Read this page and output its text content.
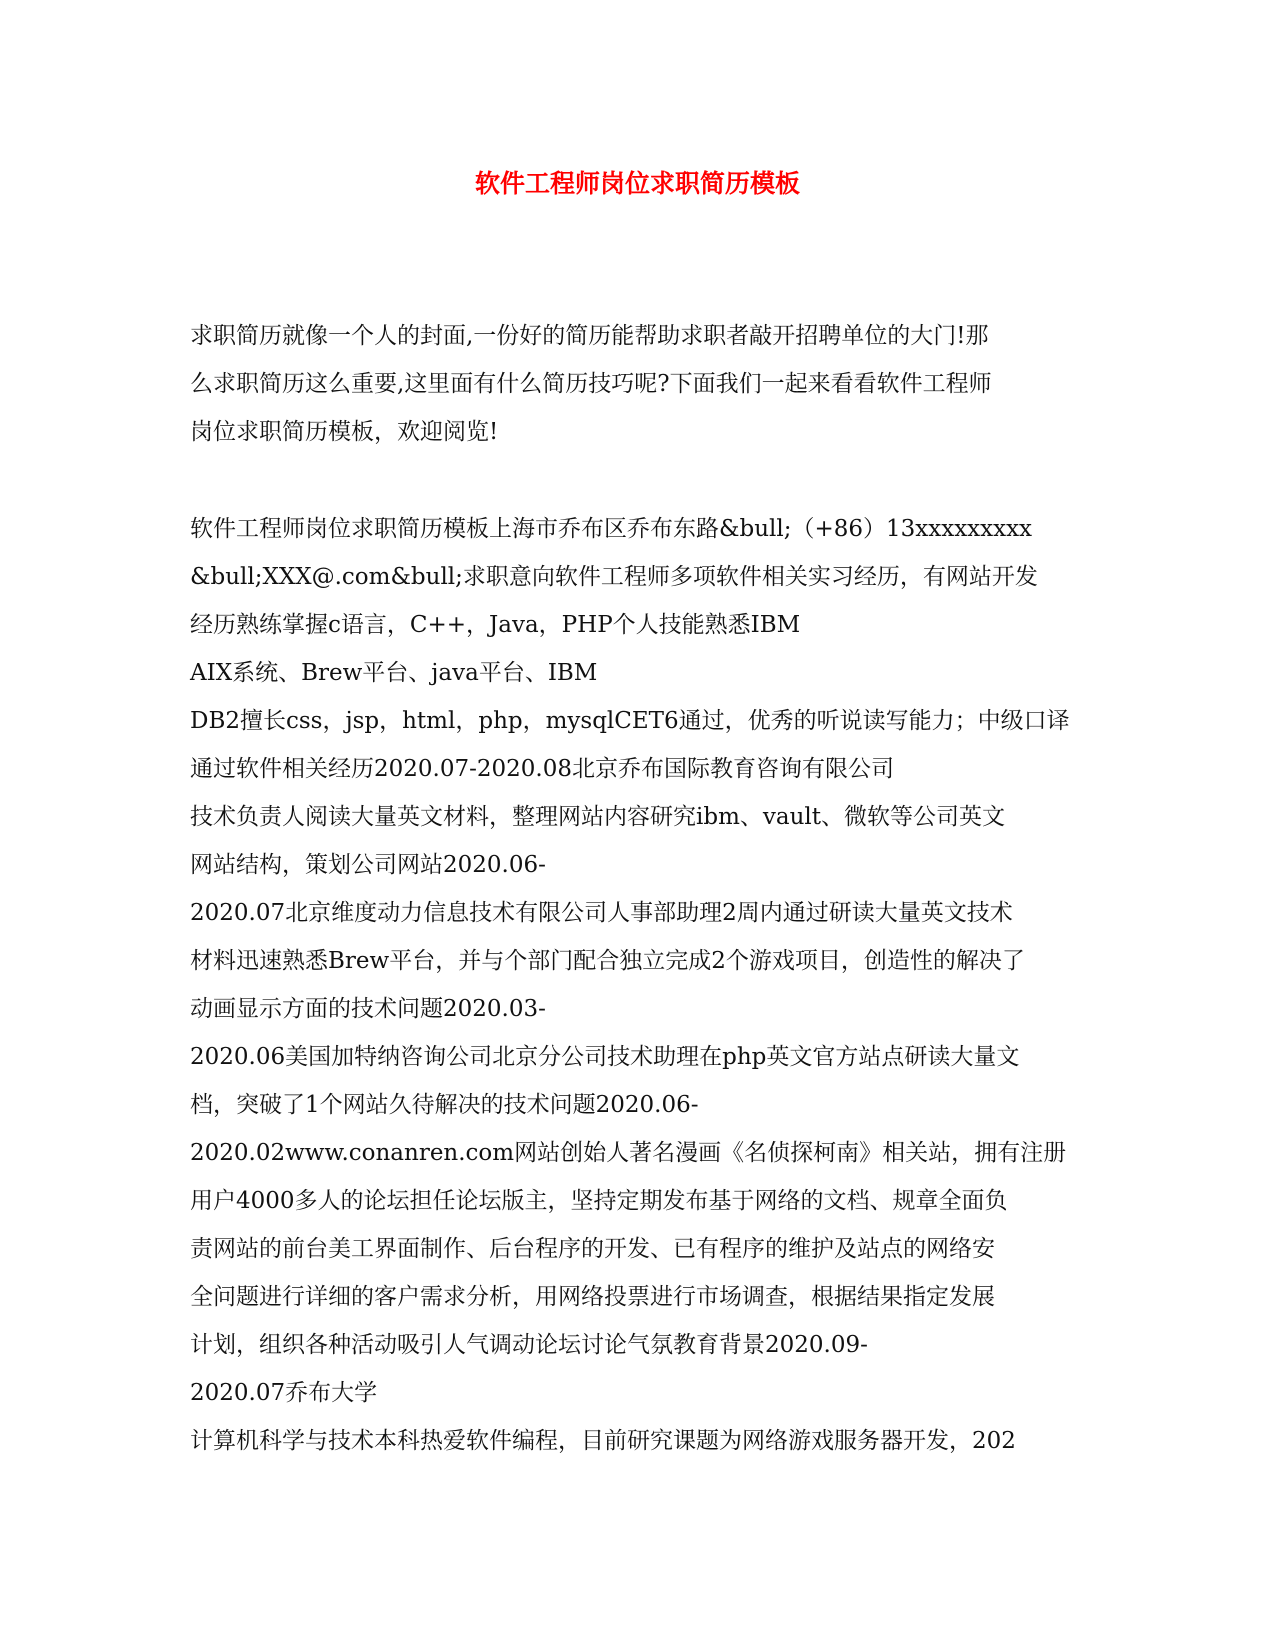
软件工程师岗位求职简历模板
求职简历就像一个人的封面,一份好的简历能帮助求职者敲开招聘单位的大门!那
么求职简历这么重要,这里面有什么简历技巧呢?下面我们一起来看看软件工程师
岗位求职简历模板，欢迎阅览!
软件工程师岗位求职简历模板上海市乔布区乔布东路&bull;（+86）13xxxxxxxxx
&bull;XXX@.com&bull;求职意向软件工程师多项软件相关实习经历，有网站开发
经历熟练掌握c语言，C++，Java，PHP个人技能熟悉IBM
AIX系统、Brew平台、java平台、IBM
DB2擅长css，jsp，html，php，mysqlCET6通过，优秀的听说读写能力；中级口译
通过软件相关经历2020.07-2020.08北京乔布国际教育咨询有限公司
技术负责人阅读大量英文材料，整理网站内容研究ibm、vault、微软等公司英文
网站结构，策划公司网站2020.06-
2020.07北京维度动力信息技术有限公司人事部助理2周内通过研读大量英文技术
材料迅速熟悉Brew平台，并与个部门配合独立完成2个游戏项目，创造性的解决了
动画显示方面的技术问题2020.03-
2020.06美国加特纳咨询公司北京分公司技术助理在php英文官方站点研读大量文
档，突破了1个网站久待解决的技术问题2020.06-
2020.02www.conanren.com网站创始人著名漫画《名侦探柯南》相关站，拥有注册
用户4000多人的论坛担任论坛版主，坚持定期发布基于网络的文档、规章全面负
责网站的前台美工界面制作、后台程序的开发、已有程序的维护及站点的网络安
全问题进行详细的客户需求分析，用网络投票进行市场调查，根据结果指定发展
计划，组织各种活动吸引人气调动论坛讨论气氛教育背景2020.09-
2020.07乔布大学
计算机科学与技术本科热爱软件编程，目前研究课题为网络游戏服务器开发，202
